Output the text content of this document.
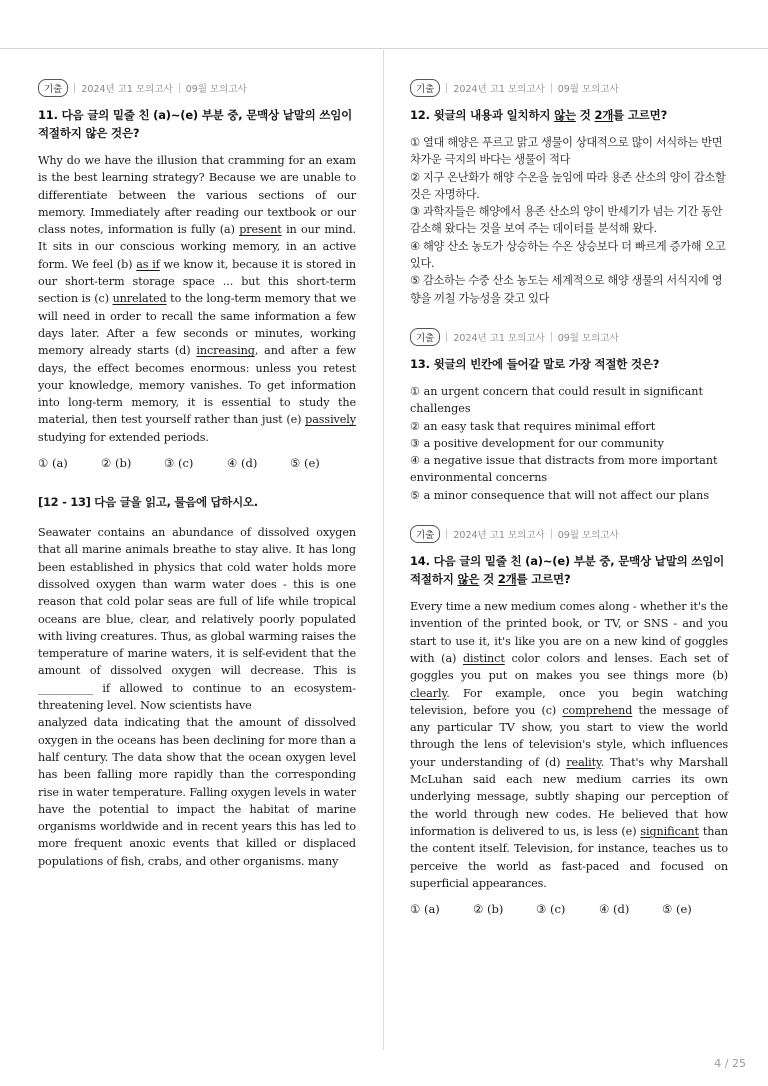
기출	2024년 고1 모의고사 09월 모의고사

11. 다음 글의 밑줄 친 (a)~(e) 부분 중, 문맥상 낱말의 쓰임이 적절하지 않은 것은?

Why do we have the illusion that cramming for an exam is the best learning strategy? Because we are unable to differentiate between the various sections of our memory. Immediately after reading our textbook or our class notes, information is fully (a) present in our mind. It sits in our conscious working memory, in an active form. We feel (b) as if we know it, because it is stored in our short-term storage space ... but this short-term section is (c) unrelated to the long-term memory that we will need in order to recall the same information a few days later. After a few seconds or minutes, working memory already starts (d) increasing, and after a few days, the effect becomes enormous: unless you retest your knowledge, memory vanishes. To get information into long-term memory, it is essential to study the material, then test yourself rather than just (e) passively studying for extended periods.

① (a)	② (b)	③ (c)	④ (d)	⑤ (e)

[12 - 13] 다음 글을 읽고, 물음에 답하시오.

Seawater contains an abundance of dissolved oxygen that all marine animals breathe to stay alive. It has long been established in physics that cold water holds more dissolved oxygen than warm water does - this is one reason that cold polar seas are full of life while tropical oceans are blue, clear, and relatively poorly populated with living creatures. Thus, as global warming raises the temperature of marine waters, it is self-evident that the amount of dissolved oxygen will decrease. This is __________ if allowed to continue to an ecosystem-threatening level. Now scientists have

analyzed data indicating that the amount of dissolved oxygen in the oceans has been declining for more than a half century. The data show that the ocean oxygen level has been falling more rapidly than the corresponding rise in water temperature. Falling oxygen levels in water have the potential to impact the habitat of marine organisms worldwide and in recent years this has led to more frequent anoxic events that killed or displaced populations of fish, crabs, and other organisms. many

기출	2024년 고1 모의고사 09월 모의고사

12. 윗글의 내용과 일치하지 않는 것 2개를 고르면?

① 열대 해양은 푸르고 맑고 생물이 상대적으로 많이 서식하는 반면 차가운 극지의 바다는 생물이 적다
② 지구 온난화가 해양 수온을 높임에 따라 용존 산소의 양이 감소할 것은 자명하다.
③ 과학자들은 해양에서 용존 산소의 양이 반세기가 넘는 기간 동안 감소해 왔다는 것을 보여 주는 데이터를 분석해 왔다.
④ 해양 산소 농도가 상승하는 수온 상승보다 더 빠르게 증가해 오고 있다.
⑤ 감소하는 수중 산소 농도는 세계적으로 해양 생물의 서식지에 영향을 끼칠 가능성을 갖고 있다
기출	2024년 고1 모의고사 09월 모의고사

13. 윗글의 빈칸에 들어갈 말로 가장 적절한 것은?

① an urgent concern that could result in significant challenges
② an easy task that requires minimal effort
③ a positive development for our community
④ a negative issue that distracts from more important environmental concerns
⑤ a minor consequence that will not affect our plans
기출	2024년 고1 모의고사 09월 모의고사

14. 다음 글의 밑줄 친 (a)~(e) 부분 중, 문맥상 낱말의 쓰임이 적절하지 않은 것 2개를 고르면?

Every time a new medium comes along - whether it's the invention of the printed book, or TV, or SNS - and you start to use it, it's like you are on a new kind of goggles with (a) distinct color colors and lenses. Each set of goggles you put on makes you see things more (b) clearly. For example, once you begin watching television, before you (c) comprehend the message of any particular TV show, you start to view the world through the lens of television's style, which influences your understanding of (d) reality. That's why Marshall McLuhan said each new medium carries its own underlying message, subtly shaping our perception of the world through new codes. He believed that how information is delivered to us, is less (e) significant than the content itself. Television, for instance, teaches us to perceive the world as fast-paced and focused on superficial appearances.

① (a)	② (b)	③ (c)	④ (d)	⑤ (e)
4 / 25
